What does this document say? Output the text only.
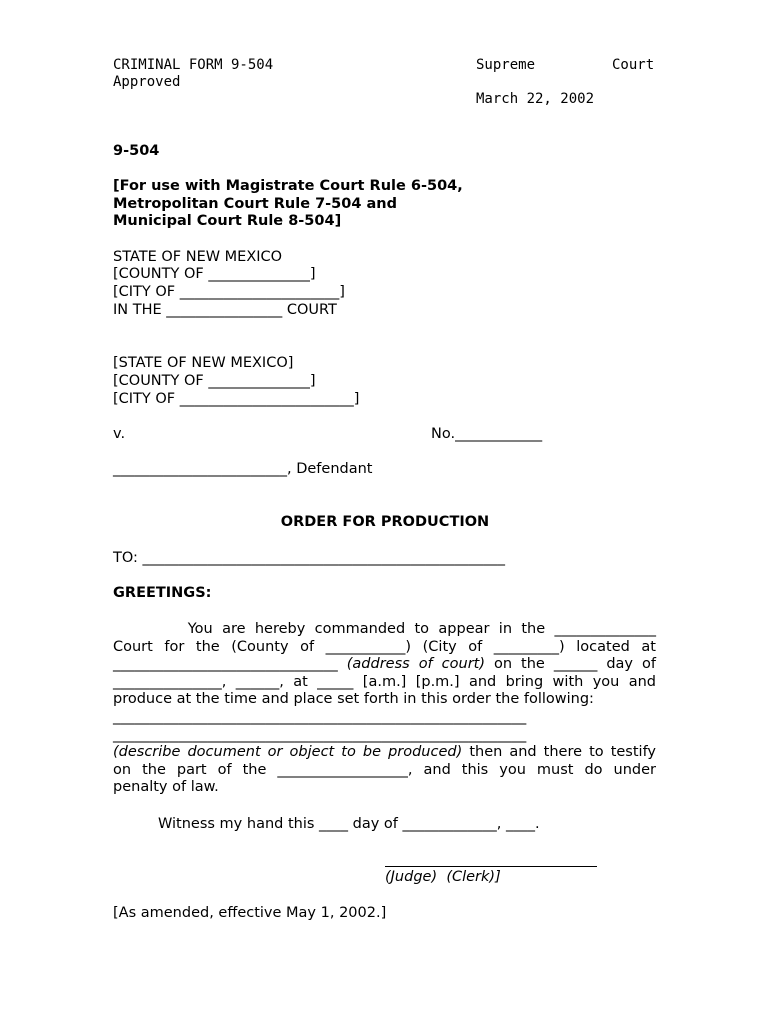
CRIMINAL FORM 9-504
Approved
Supreme	Court
March 22, 2002
9-504
[For use with Magistrate Court Rule 6-504,
Metropolitan Court Rule 7-504 and
Municipal Court Rule 8-504]
STATE OF NEW MEXICO
[COUNTY OF ______________]
[CITY OF ______________________]
IN THE ________________ COURT
[STATE OF NEW MEXICO]
[COUNTY OF ______________]
[CITY OF ________________________]
v.	No.____________
________________________, Defendant
ORDER FOR PRODUCTION
TO: __________________________________________________
GREETINGS:
You are hereby commanded to appear in the ______________
Court for the (County of ___________) (City of _________) located at
_______________________________ (address of court) on the ______ day of
_______________, ______, at _____ [a.m.] [p.m.] and bring with you and
produce at the time and place set forth in this order the following:
_________________________________________________________
_________________________________________________________
(describe document or object to be produced) then and there to testify
on the part of the __________________, and this you must do under
penalty of law.
Witness my hand this ____ day of _____________, ____.
(Judge)  (Clerk)]
[As amended, effective May 1, 2002.]
